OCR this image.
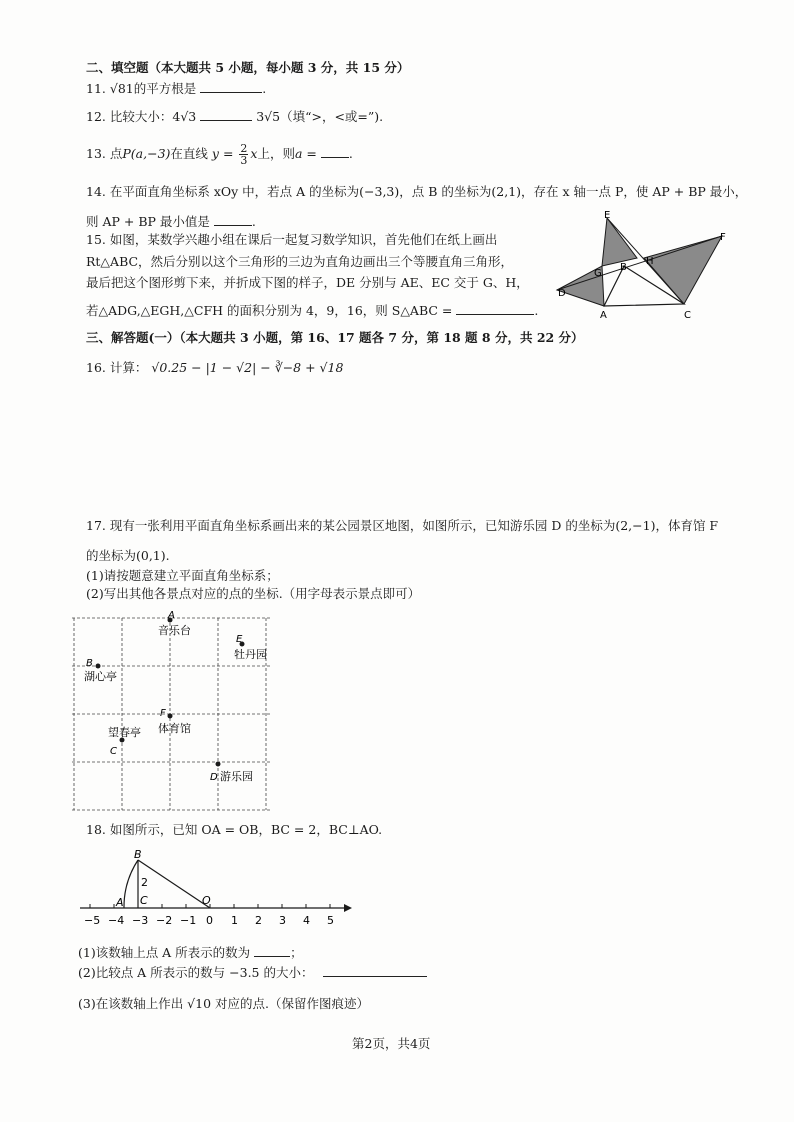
二、填空题（本大题共 5 小题，每小题 3 分，共 15 分）
11. √81的平方根是	.
12. 比较大小：4√3	3√5（填“>，<或=”).
13. 点P(a,−3)在直线 $y = \frac{2}{3}$ x上，则a =	.
14. 在平面直角坐标系 xOy 中，若点 A 的坐标为(−3,3)，点 B 的坐标为(2,1)，存在 x 轴一点 P，使 AP + BP 最小，
则 AP + BP 最小值是	.
15. 如图，某数学兴趣小组在课后一起复习数学知识，首先他们在纸上画出
Rt△ABC，然后分别以这个三角形的三边为直角边画出三个等腰直角三角形，
最后把这个图形剪下来，并折成下图的样子，DE 分别与 AE、EC 交于 G、H，
若△ADG,△EGH,△CFH 的面积分别为 4，9，16，则 S△ABC =	.
E
F
G
B
H
D
A	C
三、解答题(一）（本大题共 3 小题，第 16、17 题各 7 分，第 18 题 8 分，共 22 分）
16. 计算： √0.25 − |1 − √2| − ∛−8 + √18
17. 现有一张利用平面直角坐标系画出来的某公园景区地图，如图所示，已知游乐园 D 的坐标为(2,−1)，体育馆 F
的坐标为(0,1).
(1)请按题意建立平面直角坐标系；
(2)写出其他各景点对应的点的坐标.（用字母表示景点即可）
A
音乐台
E
牡丹园
B
湖心亭
F
体育馆
望春亭
C
D 游乐园
18. 如图所示，已知 OA = OB，BC = 2，BC⊥AO.
B
A C	O
2
−5 −4 −3 −2 −1 0 1 2 3 4 5
(1)该数轴上点 A 所表示的数为	；
(2)比较点 A 所表示的数与 −3.5 的大小：
(3)在该数轴上作出 √10 对应的点.（保留作图痕迹）
第2页，共4页
